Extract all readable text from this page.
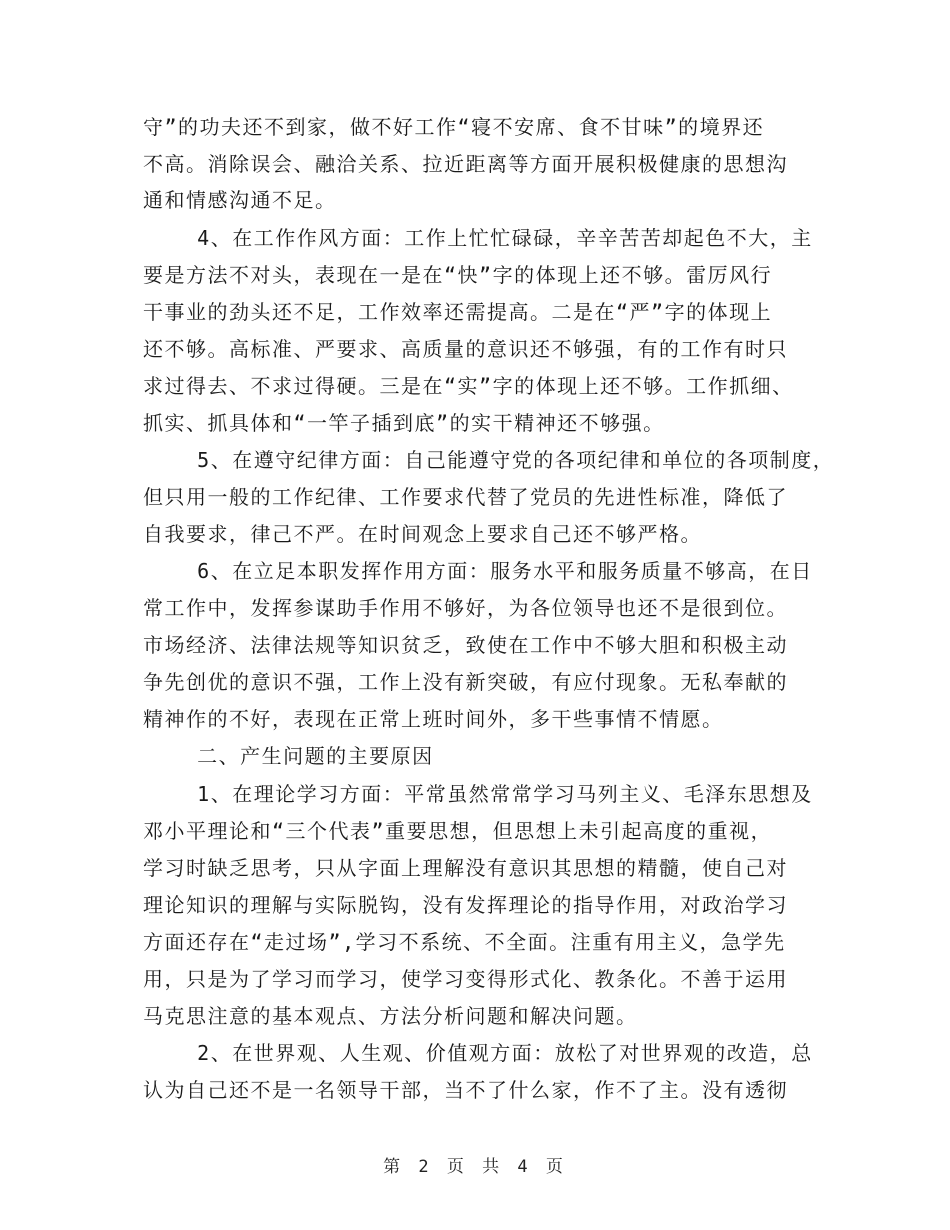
守”的功夫还不到家，做不好工作“寝不安席、食不甘味”的境界还
不高。消除误会、融洽关系、拉近距离等方面开展积极健康的思想沟
通和情感沟通不足。
4、在工作作风方面：工作上忙忙碌碌，辛辛苦苦却起色不大，主
要是方法不对头，表现在一是在“快”字的体现上还不够。雷厉风行
干事业的劲头还不足，工作效率还需提高。二是在“严”字的体现上
还不够。高标准、严要求、高质量的意识还不够强，有的工作有时只
求过得去、不求过得硬。三是在“实”字的体现上还不够。工作抓细、
抓实、抓具体和“一竿子插到底”的实干精神还不够强。
5、在遵守纪律方面：自己能遵守党的各项纪律和单位的各项制度，
但只用一般的工作纪律、工作要求代替了党员的先进性标准，降低了
自我要求，律己不严。在时间观念上要求自己还不够严格。
6、在立足本职发挥作用方面：服务水平和服务质量不够高，在日
常工作中，发挥参谋助手作用不够好，为各位领导也还不是很到位。
市场经济、法律法规等知识贫乏，致使在工作中不够大胆和积极主动
争先创优的意识不强，工作上没有新突破，有应付现象。无私奉献的
精神作的不好，表现在正常上班时间外，多干些事情不情愿。
二、产生问题的主要原因
1、在理论学习方面：平常虽然常常学习马列主义、毛泽东思想及
邓小平理论和“三个代表”重要思想，但思想上未引起高度的重视，
学习时缺乏思考，只从字面上理解没有意识其思想的精髓，使自己对
理论知识的理解与实际脱钩，没有发挥理论的指导作用，对政治学习
方面还存在“走过场”,学习不系统、不全面。注重有用主义，急学先
用，只是为了学习而学习，使学习变得形式化、教条化。不善于运用
马克思注意的基本观点、方法分析问题和解决问题。
2、在世界观、人生观、价值观方面：放松了对世界观的改造，总
认为自己还不是一名领导干部，当不了什么家，作不了主。没有透彻
第 2 页 共 4 页
